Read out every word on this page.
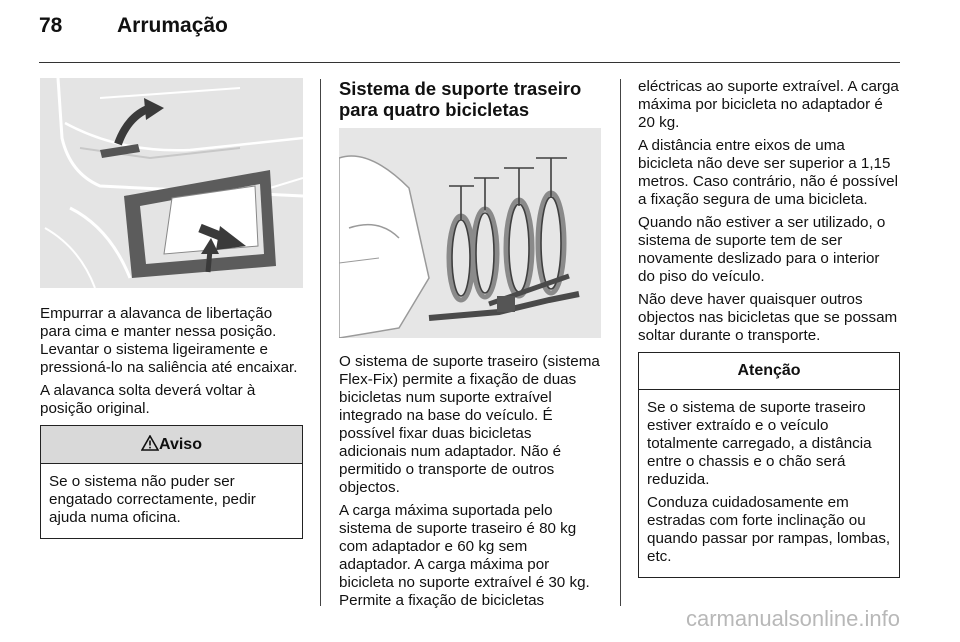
78	Arrumação

Empurrar a alavanca de libertação para cima e manter nessa posição. Levantar o sistema ligeiramente e pressioná-lo na saliência até encaixar.

A alavanca solta deverá voltar à posição original.

Aviso

Se o sistema não puder ser engatado correctamente, pedir ajuda numa oficina.

Sistema de suporte traseiro para quatro bicicletas

O sistema de suporte traseiro (sistema Flex-Fix) permite a fixação de duas bicicletas num suporte extraível integrado na base do veículo. É possível fixar duas bicicletas adicionais num adaptador. Não é permitido o transporte de outros objectos.

A carga máxima suportada pelo sistema de suporte traseiro é 80 kg com adaptador e 60 kg sem adaptador. A carga máxima por bicicleta no suporte extraível é 30 kg. Permite a fixação de bicicletas

eléctricas ao suporte extraível. A carga máxima por bicicleta no adaptador é 20 kg.

A distância entre eixos de uma bicicleta não deve ser superior a 1,15 metros. Caso contrário, não é possível a fixação segura de uma bicicleta.

Quando não estiver a ser utilizado, o sistema de suporte tem de ser novamente deslizado para o interior do piso do veículo.

Não deve haver quaisquer outros objectos nas bicicletas que se possam soltar durante o transporte.

Atenção

Se o sistema de suporte traseiro estiver extraído e o veículo totalmente carregado, a distância entre o chassis e o chão será reduzida.

Conduza cuidadosamente em estradas com forte inclinação ou quando passar por rampas, lombas, etc.

carmanualsonline.info
